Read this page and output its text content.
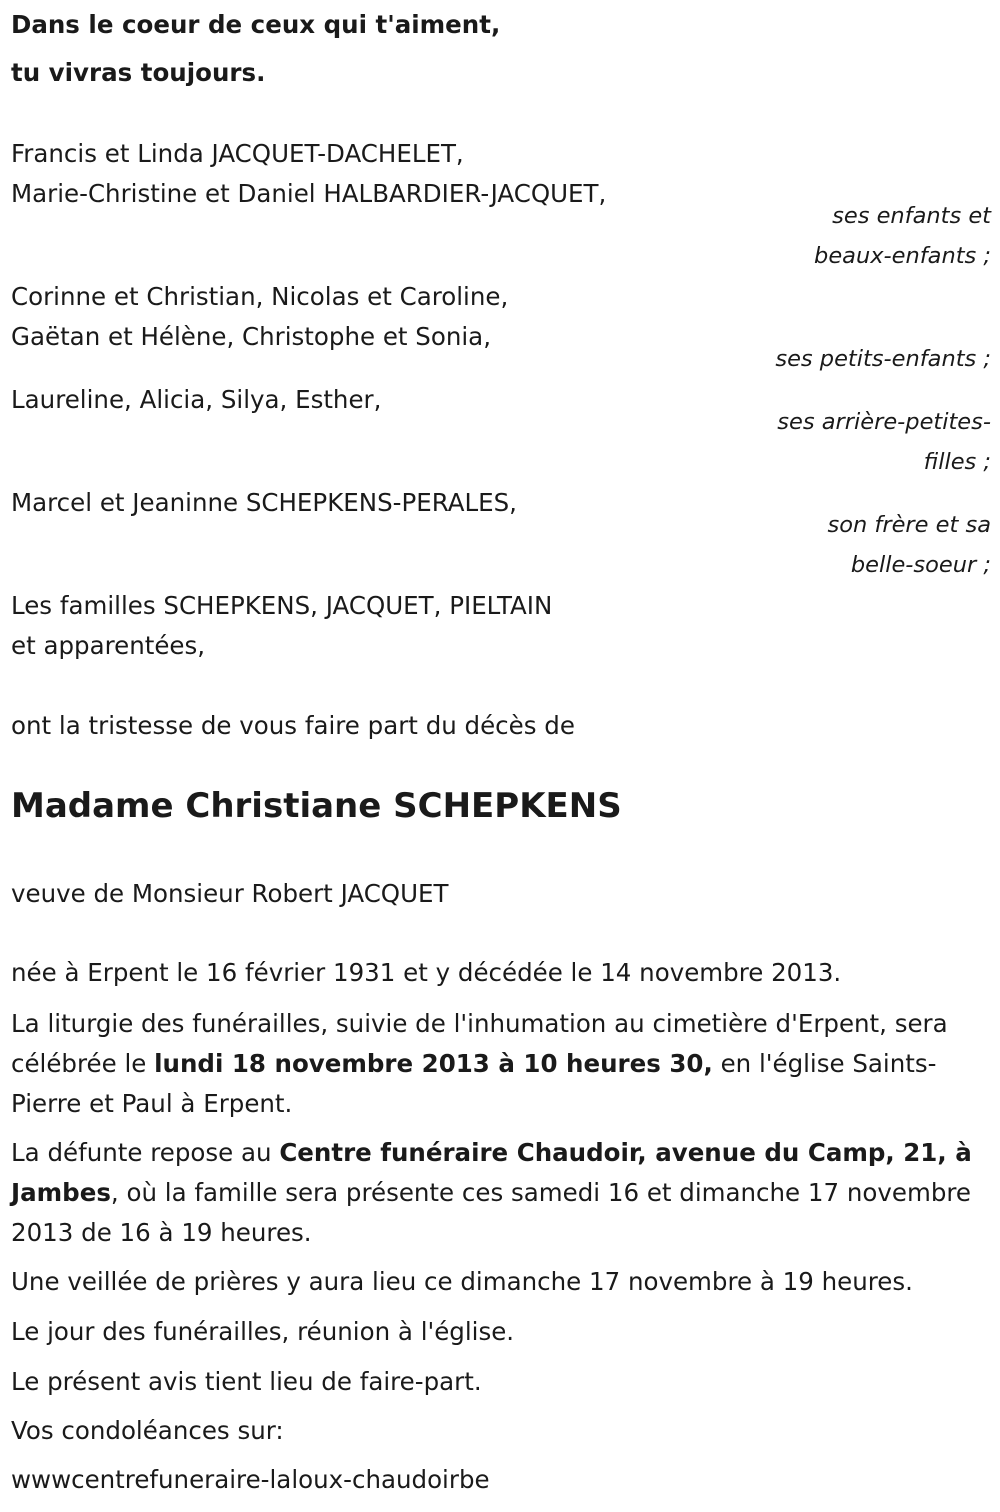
Dans le coeur de ceux qui t'aiment,
tu vivras toujours.
Francis et Linda JACQUET-DACHELET,
Marie-Christine et Daniel HALBARDIER-JACQUET,
ses enfants et
beaux-enfants ;
Corinne et Christian, Nicolas et Caroline,
Gaëtan et Hélène, Christophe et Sonia,
ses petits-enfants ;
Laureline, Alicia, Silya, Esther,
ses arrière-petites-
filles ;
Marcel et Jeaninne SCHEPKENS-PERALES,
son frère et sa
belle-soeur ;
Les familles SCHEPKENS, JACQUET, PIELTAIN
et apparentées,
ont la tristesse de vous faire part du décès de
Madame Christiane SCHEPKENS
veuve de Monsieur Robert JACQUET
née à Erpent le 16 février 1931 et y décédée le 14 novembre 2013.
La liturgie des funérailles, suivie de l'inhumation au cimetière d'Erpent, sera célébrée le lundi 18 novembre 2013 à 10 heures 30, en l'église Saints-Pierre et Paul à Erpent.
La défunte repose au Centre funéraire Chaudoir, avenue du Camp, 21, à Jambes, où la famille sera présente ces samedi 16 et dimanche 17 novembre 2013 de 16 à 19 heures.
Une veillée de prières y aura lieu ce dimanche 17 novembre à 19 heures.
Le jour des funérailles, réunion à l'église.
Le présent avis tient lieu de faire-part.
Vos condoléances sur:
wwwcentrefuneraire-laloux-chaudoirbe
